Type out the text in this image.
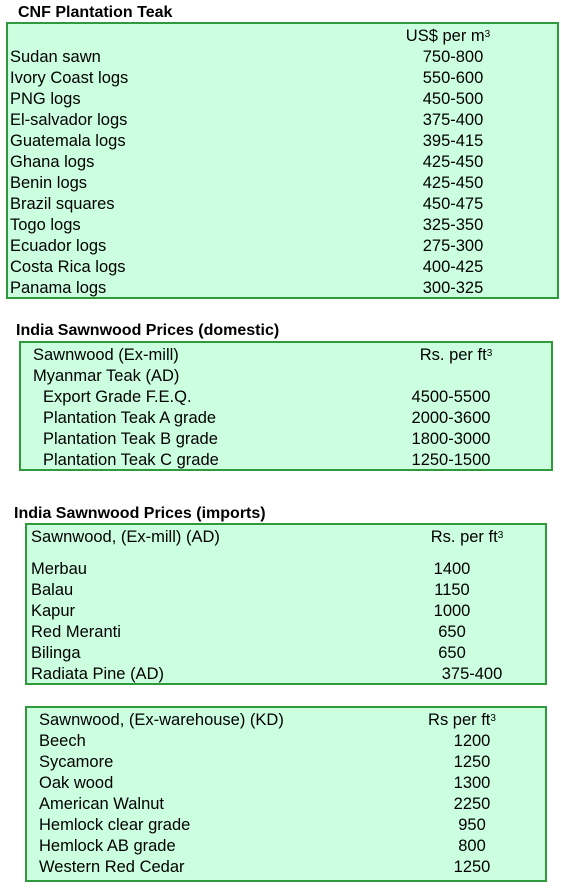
CNF Plantation Teak
US$ per $m^3$
Sudan sawn	750-800
Ivory Coast logs	550-600
PNG logs	450-500
El-salvador logs	375-400
Guatemala logs	395-415
Ghana logs	425-450
Benin logs	425-450
Brazil squares	450-475
Togo logs	325-350
Ecuador logs	275-300
Costa Rica logs	400-425
Panama logs	300-325
India Sawnwood Prices (domestic)
Sawnwood (Ex-mill)	Rs. per $ft^3$
Myanmar Teak (AD)
Export Grade F.E.Q.	4500-5500
Plantation Teak A grade	2000-3600
Plantation Teak B grade	1800-3000
Plantation Teak C grade	1250-1500
India Sawnwood Prices (imports)
Sawnwood, (Ex-mill) (AD)	Rs. per $ft^3$
Merbau	1400
Balau	1150
Kapur	1000
Red Meranti	650
Bilinga	650
Radiata Pine (AD)	375-400
Sawnwood, (Ex-warehouse) (KD)	Rs per $ft^3$
Beech	1200
Sycamore	1250
Oak wood	1300
American Walnut	2250
Hemlock clear grade	950
Hemlock AB grade	800
Western Red Cedar	1250
